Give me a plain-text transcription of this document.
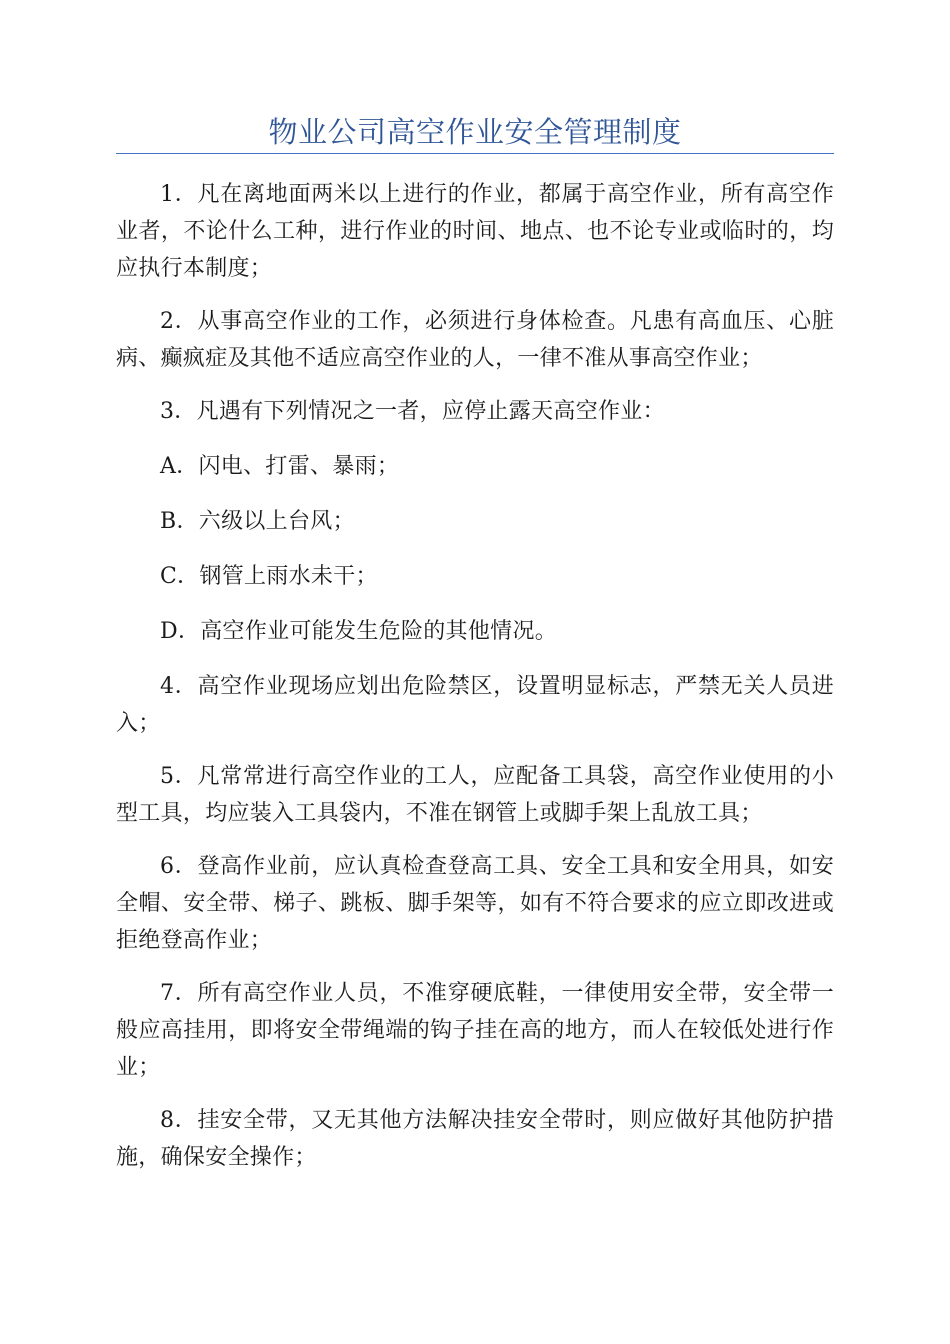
物业公司高空作业安全管理制度

1．凡在离地面两米以上进行的作业，都属于高空作业，所有高空作业者，不论什么工种，进行作业的时间、地点、也不论专业或临时的，均应执行本制度；

2．从事高空作业的工作，必须进行身体检查。凡患有高血压、心脏病、癫疯症及其他不适应高空作业的人，一律不准从事高空作业；

3．凡遇有下列情况之一者，应停止露天高空作业：

A．闪电、打雷、暴雨；

B．六级以上台风；

C．钢管上雨水未干；

D．高空作业可能发生危险的其他情况。

4．高空作业现场应划出危险禁区，设置明显标志，严禁无关人员进入；

5．凡常常进行高空作业的工人，应配备工具袋，高空作业使用的小型工具，均应装入工具袋内，不准在钢管上或脚手架上乱放工具；

6．登高作业前，应认真检查登高工具、安全工具和安全用具，如安全帽、安全带、梯子、跳板、脚手架等，如有不符合要求的应立即改进或拒绝登高作业；

7．所有高空作业人员，不准穿硬底鞋，一律使用安全带，安全带一般应高挂用，即将安全带绳端的钩子挂在高的地方，而人在较低处进行作业；

8．挂安全带，又无其他方法解决挂安全带时，则应做好其他防护措施，确保安全操作；
